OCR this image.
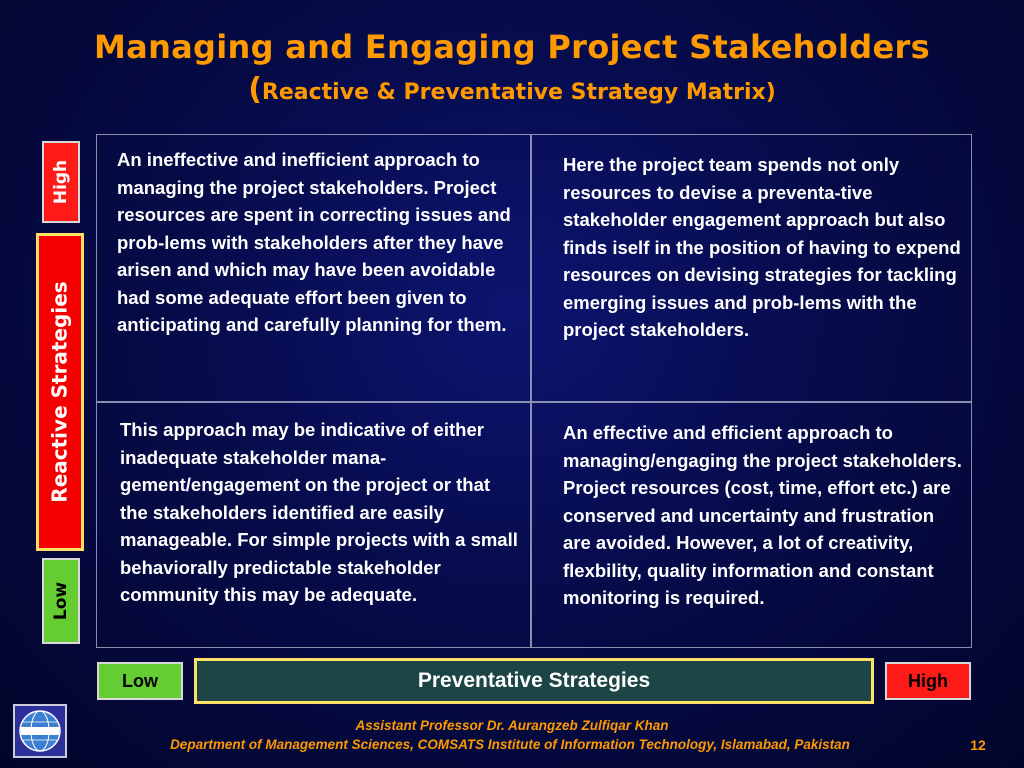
Managing and Engaging Project Stakeholders
(Reactive & Preventative Strategy Matrix)
High
Reactive Strategies
Low
An ineffective and inefficient approach to managing the project stakeholders. Project resources are spent in correcting issues and prob-lems with stakeholders after they have arisen and which may have been avoidable had some adequate effort been given to anticipating and carefully planning for them.
Here the project team spends not only resources to devise a preventa-tive stakeholder engagement approach but also finds iself in the position of having to expend resources on devising strategies for tackling emerging issues and prob-lems with the project stakeholders.
This approach may be indicative of either inadequate stakeholder mana-gement/engagement on the project or that the stakeholders identified are easily manageable. For simple projects with a small behaviorally predictable stakeholder community this may be adequate.
An effective and efficient approach to managing/engaging the project stakeholders. Project resources (cost, time, effort etc.) are conserved and uncertainty and frustration are avoided. However, a lot of creativity, flexbility, quality information and constant monitoring is required.
Low	Preventative Strategies	High
Assistant Professor Dr. Aurangzeb Zulfiqar Khan
Department of Management Sciences, COMSATS Institute of Information Technology, Islamabad, Pakistan	12
